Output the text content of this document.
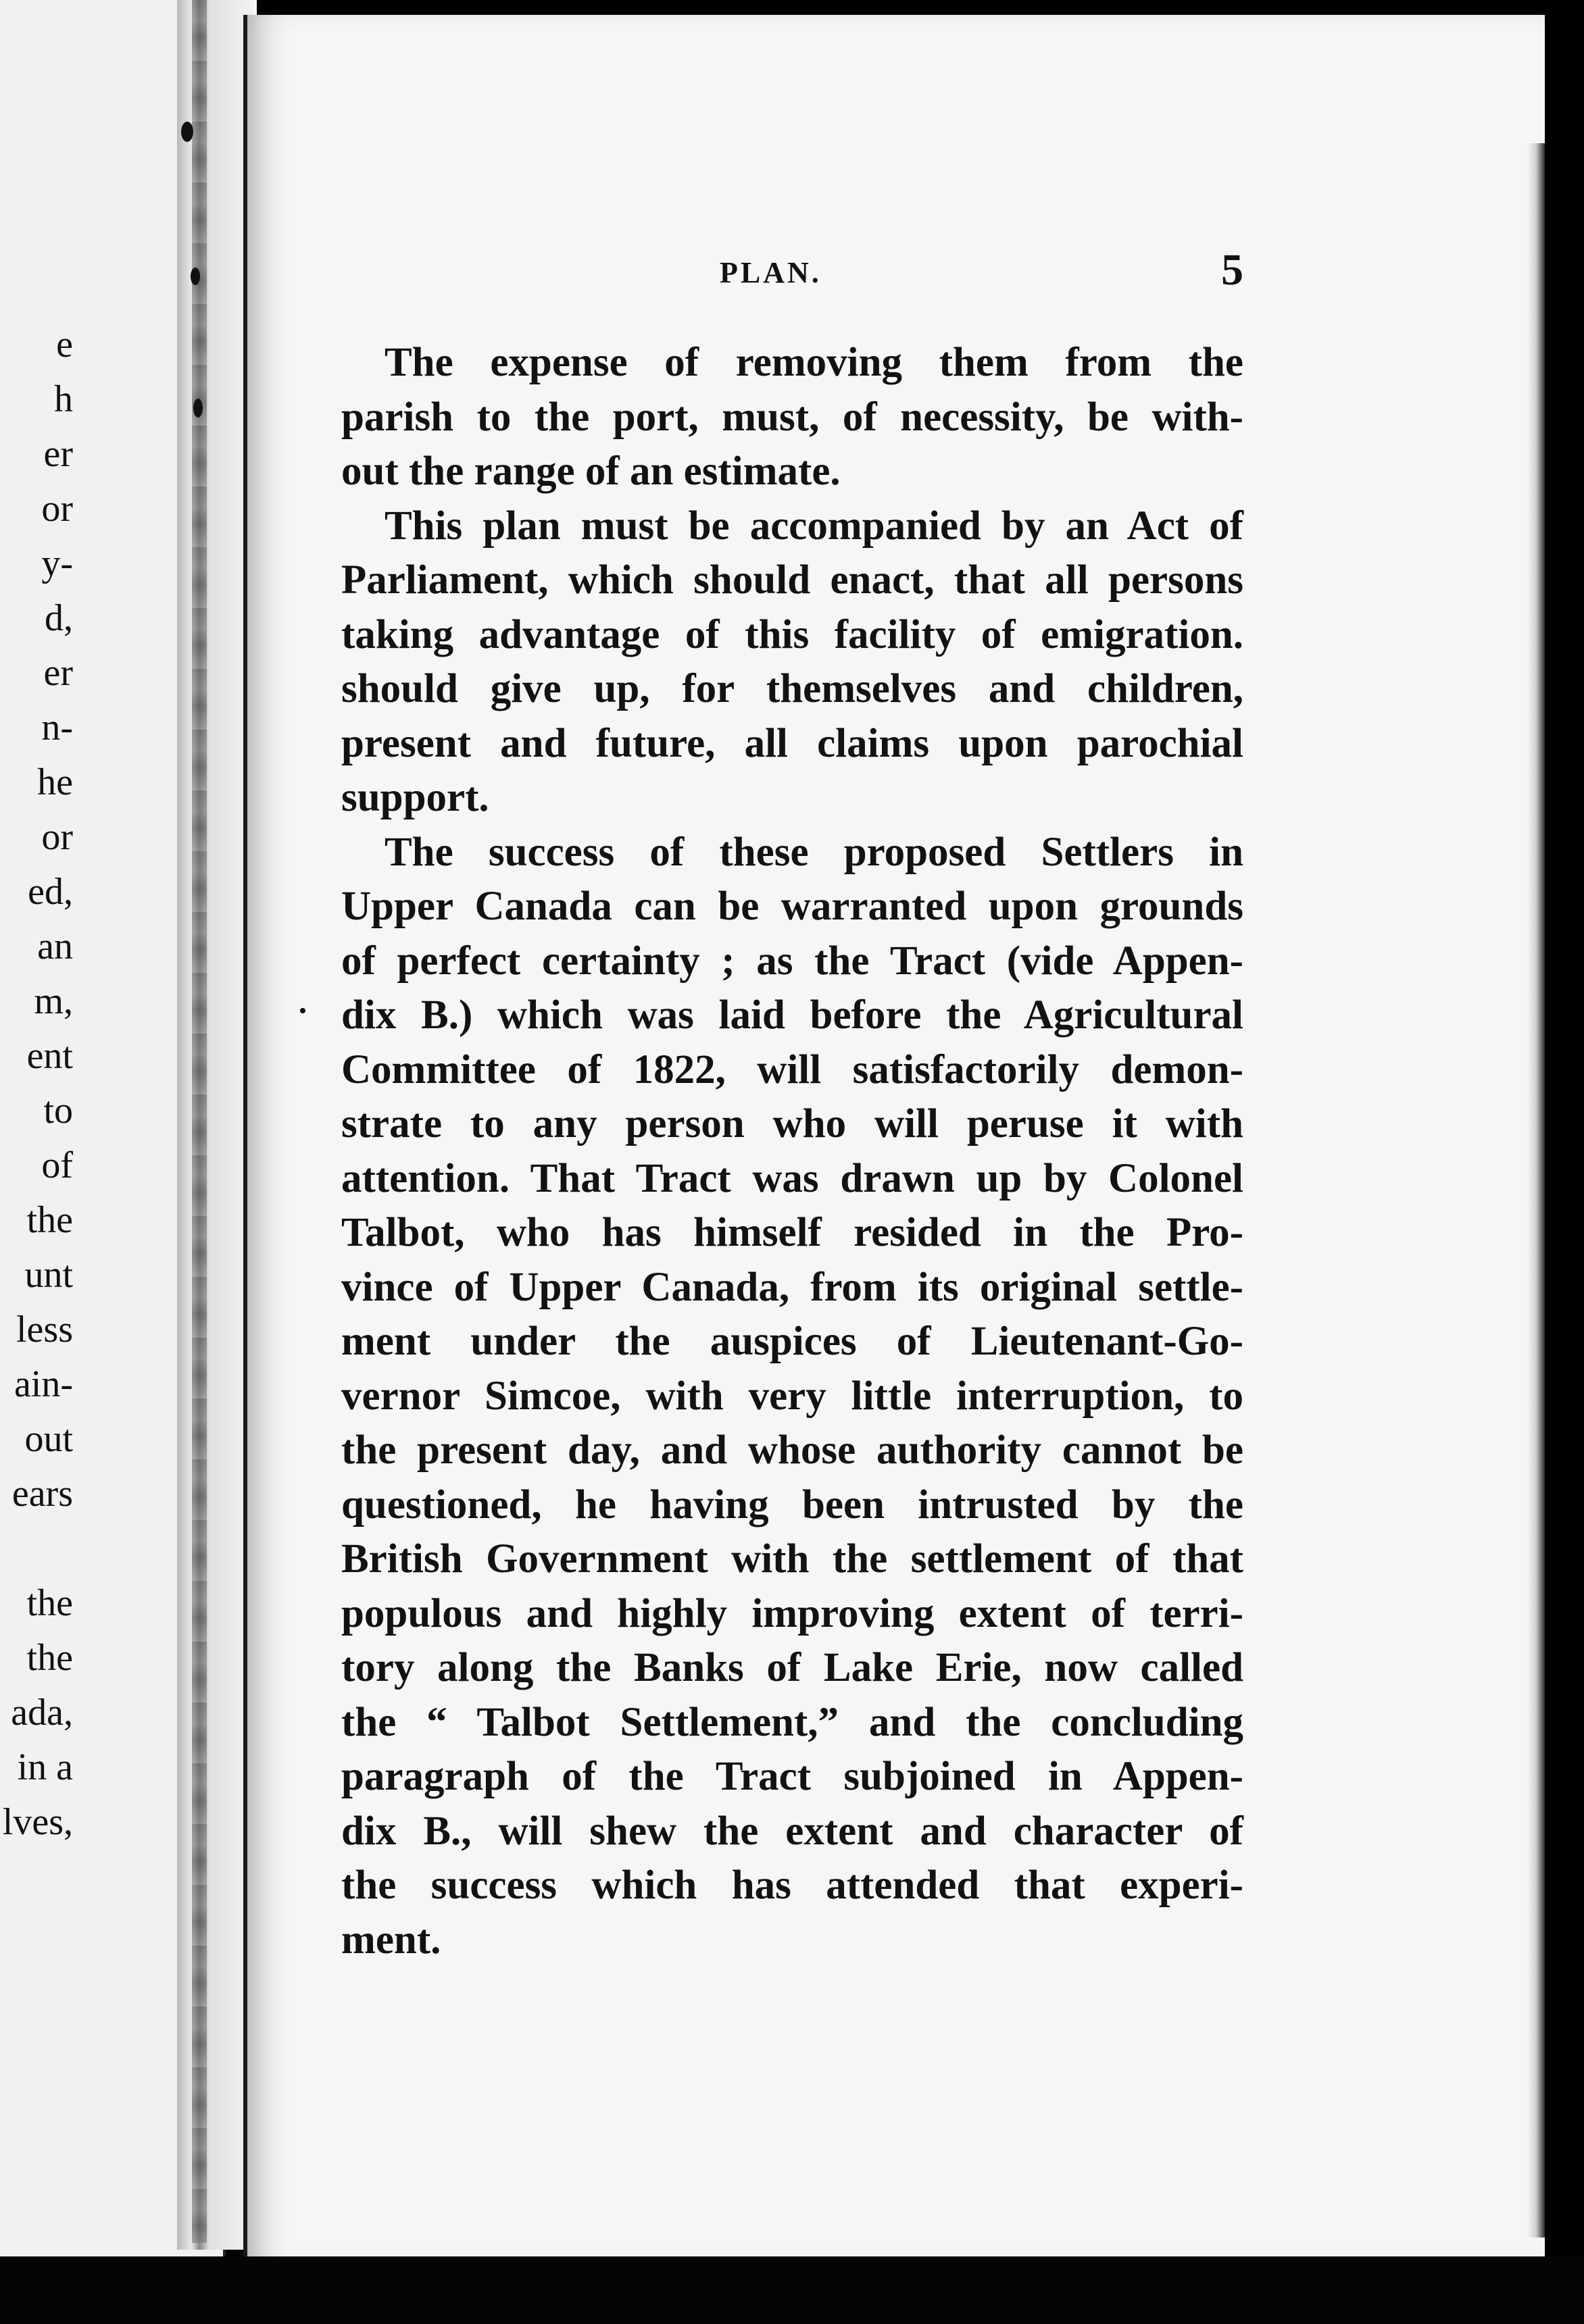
e
h
er
or
y-
d,
er
n-
he
or
ed,
an
m,
ent
to
of
the
unt
less
ain-
out
ears
the
the
ada,
in a
lves,
PLAN.	5
The expense of removing them from the
parish to the port, must, of necessity, be with-
out the range of an estimate.
This plan must be accompanied by an Act of
Parliament, which should enact, that all persons
taking advantage of this facility of emigration.
should give up, for themselves and children,
present and future, all claims upon parochial
support.
The success of these proposed Settlers in
Upper Canada can be warranted upon grounds
of perfect certainty ; as the Tract (vide Appen-
dix B.) which was laid before the Agricultural
Committee of 1822, will satisfactorily demon-
strate to any person who will peruse it with
attention. That Tract was drawn up by Colonel
Talbot, who has himself resided in the Pro-
vince of Upper Canada, from its original settle-
ment under the auspices of Lieutenant-Go-
vernor Simcoe, with very little interruption, to
the present day, and whose authority cannot be
questioned, he having been intrusted by the
British Government with the settlement of that
populous and highly improving extent of terri-
tory along the Banks of Lake Erie, now called
the “ Talbot Settlement,” and the concluding
paragraph of the Tract subjoined in Appen-
dix B., will shew the extent and character of
the success which has attended that experi-
ment.
